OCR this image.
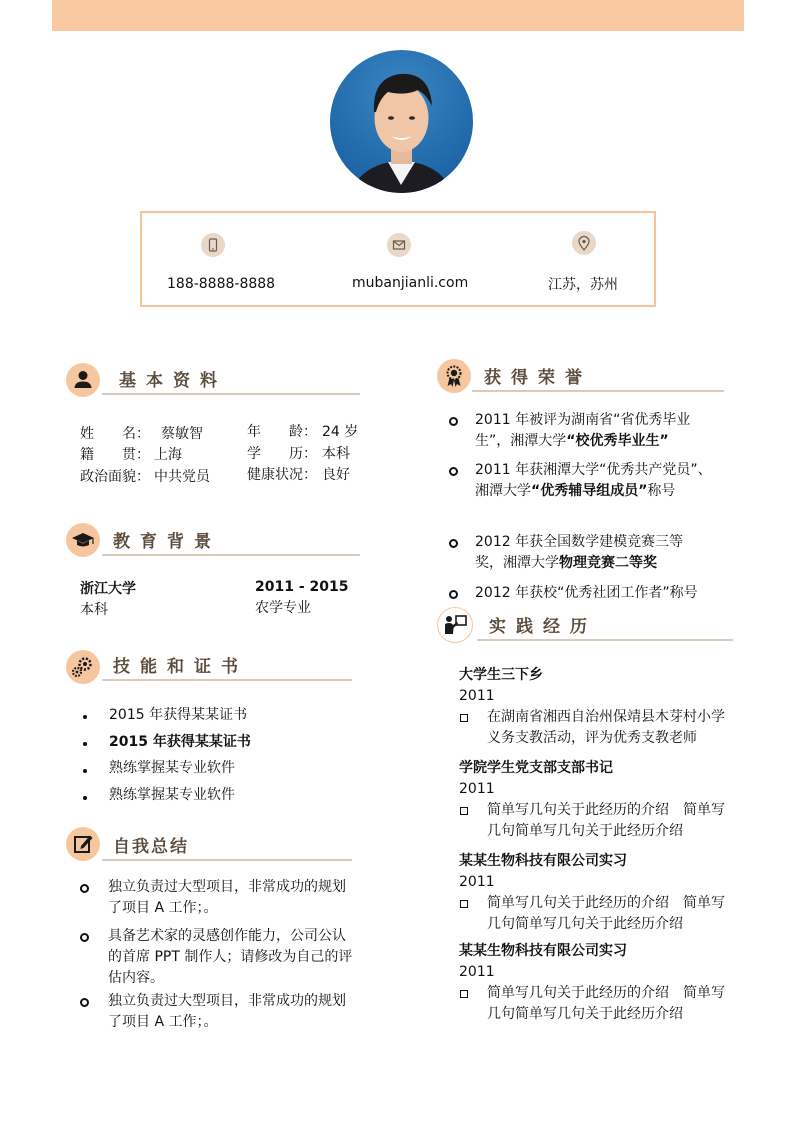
188-8888-8888	mubanjianli.com	江苏，苏州
基本资料
姓　　名： 蔡敏智	年　　龄： 24 岁
籍　　贯： 上海	学　　历： 本科
政治面貌： 中共党员	健康状况： 良好
教育背景
浙江大学	2011 - 2015
本科	农学专业
技能和证书
2015 年获得某某证书
2015 年获得某某证书
熟练掌握某专业软件
熟练掌握某专业软件
自我总结
独立负责过大型项目，非常成功的规划了项目 A 工作；。
具备艺术家的灵感创作能力，公司公认的首席 PPT 制作人；请修改为自己的评估内容。
独立负责过大型项目，非常成功的规划了项目 A 工作；。
获得荣誉
2011 年被评为湖南省“省优秀毕业生”，湘潭大学“校优秀毕业生”
2011 年获湘潭大学“优秀共产党员”、湘潭大学“优秀辅导组成员”称号
2012 年获全国数学建模竞赛三等奖，湘潭大学物理竞赛二等奖
2012 年获校“优秀社团工作者”称号
实践经历
大学生三下乡
2011
在湖南省湘西自治州保靖县木芽村小学义务支教活动，评为优秀支教老师
学院学生党支部支部书记
2011
简单写几句关于此经历的介绍　简单写几句简单写几句关于此经历介绍
某某生物科技有限公司实习
2011
简单写几句关于此经历的介绍　简单写几句简单写几句关于此经历介绍
某某生物科技有限公司实习
2011
简单写几句关于此经历的介绍　简单写几句简单写几句关于此经历介绍
